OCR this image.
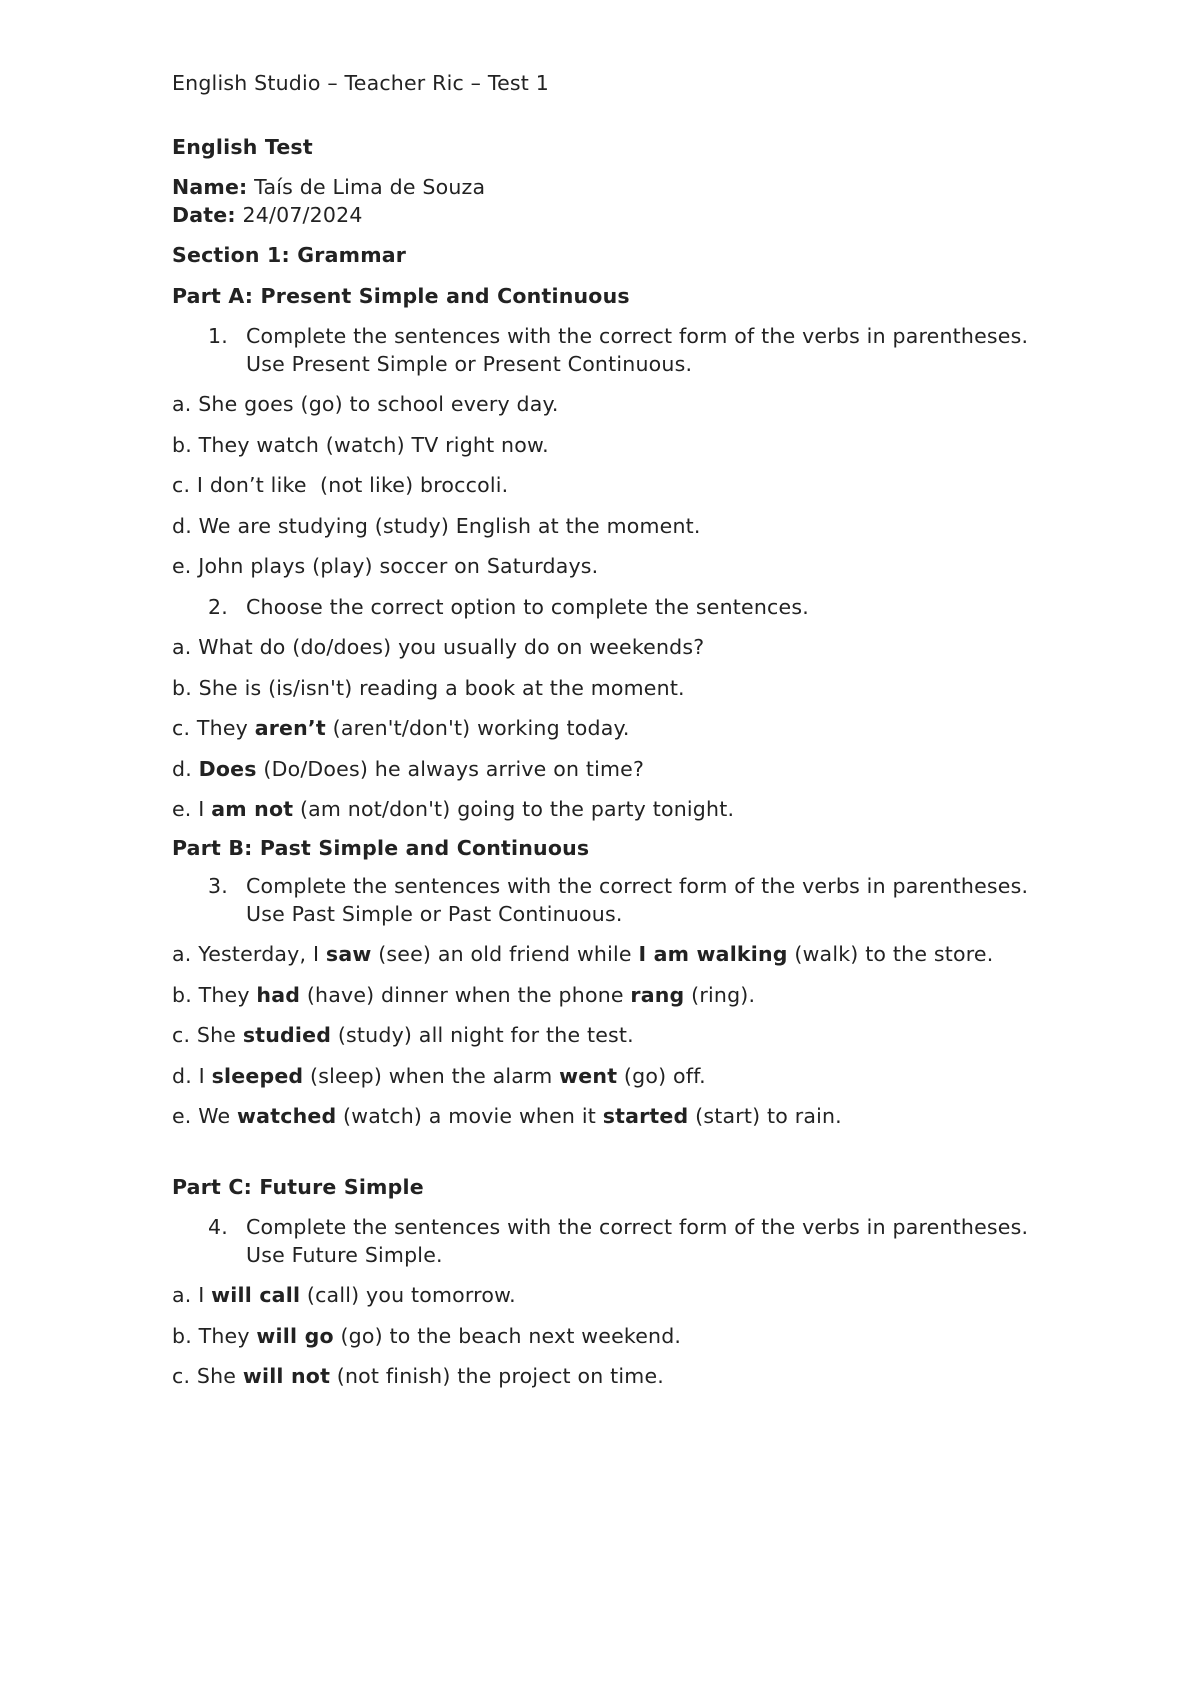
English Studio – Teacher Ric – Test 1

English Test

Name: Taís de Lima de Souza

Date: 24/07/2024

Section 1: Grammar

Part A: Present Simple and Continuous

1. Complete the sentences with the correct form of the verbs in parentheses. Use Present Simple or Present Continuous.

a. She goes (go) to school every day.

b. They watch (watch) TV right now.

c. I don’t like  (not like) broccoli.

d. We are studying (study) English at the moment.

e. John plays (play) soccer on Saturdays.

2. Choose the correct option to complete the sentences.

a. What do (do/does) you usually do on weekends?

b. She is (is/isn't) reading a book at the moment.

c. They aren’t (aren't/don't) working today.

d. Does (Do/Does) he always arrive on time?

e. I am not (am not/don't) going to the party tonight.

Part B: Past Simple and Continuous

3. Complete the sentences with the correct form of the verbs in parentheses. Use Past Simple or Past Continuous.

a. Yesterday, I saw (see) an old friend while I am walking (walk) to the store.

b. They had (have) dinner when the phone rang (ring).

c. She studied (study) all night for the test.

d. I sleeped (sleep) when the alarm went (go) off.

e. We watched (watch) a movie when it started (start) to rain.

Part C: Future Simple

4. Complete the sentences with the correct form of the verbs in parentheses. Use Future Simple.

a. I will call (call) you tomorrow.

b. They will go (go) to the beach next weekend.

c. She will not (not finish) the project on time.
